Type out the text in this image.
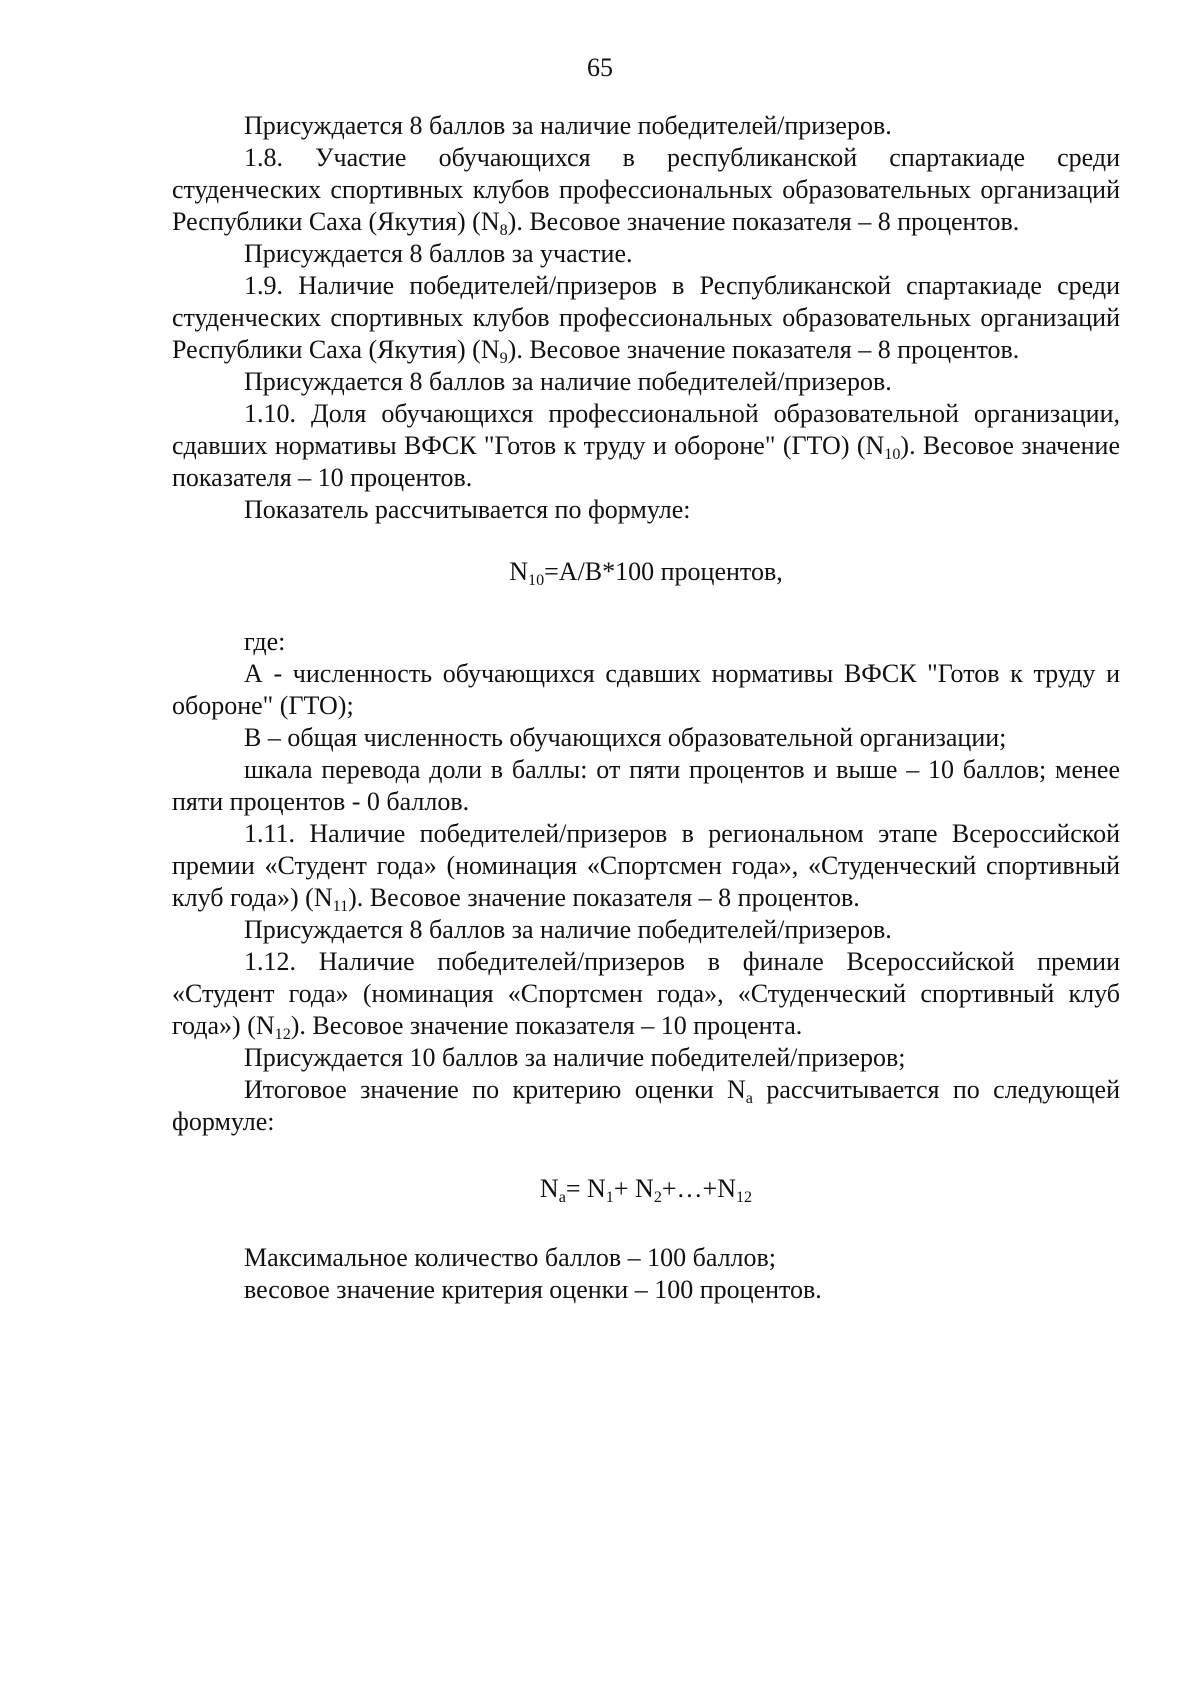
65

Присуждается 8 баллов за наличие победителей/призеров.

1.8. Участие обучающихся в республиканской спартакиаде среди студенческих спортивных клубов профессиональных образовательных организаций Республики Саха (Якутия) $(N_8)$. Весовое значение показателя – 8 процентов.

Присуждается 8 баллов за участие.

1.9. Наличие победителей/призеров в Республиканской спартакиаде среди студенческих спортивных клубов профессиональных образовательных организаций Республики Саха (Якутия) $(N_9)$. Весовое значение показателя – 8 процентов.

Присуждается 8 баллов за наличие победителей/призеров.

1.10. Доля обучающихся профессиональной образовательной организации, сдавших нормативы ВФСК "Готов к труду и обороне" (ГТО) $(N_{10})$. Весовое значение показателя – 10 процентов.

Показатель рассчитывается по формуле:

$N_{10}=A/B*100$ процентов,

где:

А - численность обучающихся сдавших нормативы ВФСК "Готов к труду и обороне" (ГТО);

В – общая численность обучающихся образовательной организации;

шкала перевода доли в баллы: от пяти процентов и выше – 10 баллов; менее пяти процентов - 0 баллов.

1.11. Наличие победителей/призеров в региональном этапе Всероссийской премии «Студент года» (номинация «Спортсмен года», «Студенческий спортивный клуб года») $(N_{11})$. Весовое значение показателя – 8 процентов.

Присуждается 8 баллов за наличие победителей/призеров.

1.12. Наличие победителей/призеров в финале Всероссийской премии «Студент года» (номинация «Спортсмен года», «Студенческий спортивный клуб года») $(N_{12})$. Весовое значение показателя – 10 процента.

Присуждается 10 баллов за наличие победителей/призеров;

Итоговое значение по критерию оценки $N_a$ рассчитывается по следующей формуле:

$N_a= N_1+$ $N_2+\dots+N_{12}$

Максимальное количество баллов – 100 баллов;

весовое значение критерия оценки – 100 процентов.
